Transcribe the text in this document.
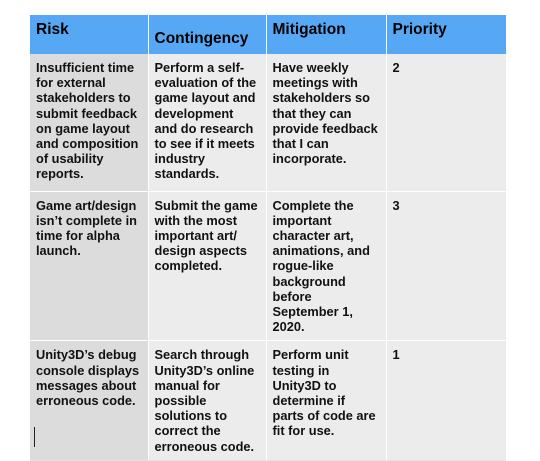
Risk	Contingency	Mitigation	Priority
Insufficient time for external stakeholders to submit feedback on game layout and composition of usability reports.	Perform a self-evaluation of the game layout and development and do research to see if it meets industry standards.	Have weekly meetings with stakeholders so that they can provide feedback that I can incorporate.	2
Game art/design isn’t complete in time for alpha launch.	Submit the game with the most important art/ design aspects completed.	Complete the important character art, animations, and rogue-like background before September 1, 2020.	3
Unity3D’s debug console displays messages about erroneous code.	Search through Unity3D’s online manual for possible solutions to correct the erroneous code.	Perform unit testing in Unity3D to determine if parts of code are fit for use.	1
